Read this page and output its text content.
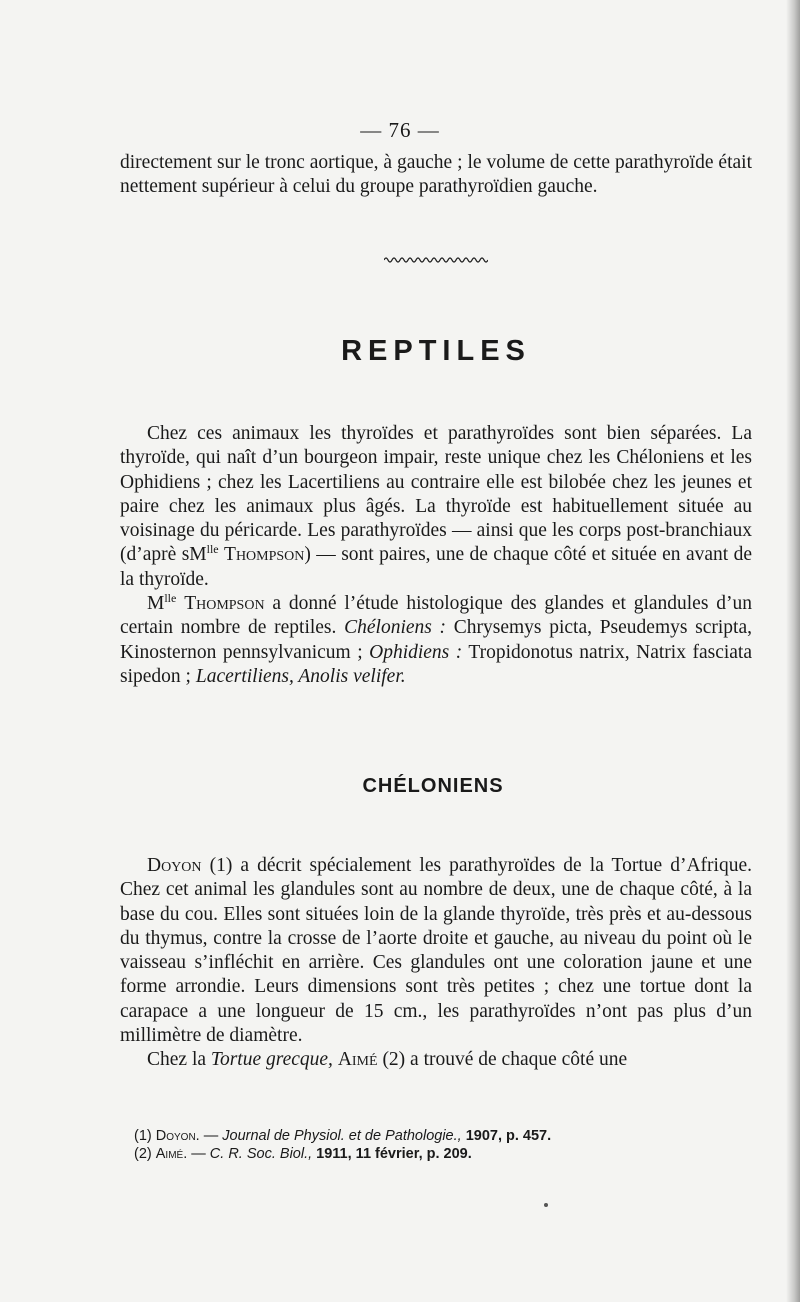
— 76 —

directement sur le tronc aortique, à gauche ; le volume de cette parathyroïde était nettement supérieur à celui du groupe parathyroïdien gauche.

REPTILES

Chez ces animaux les thyroïdes et parathyroïdes sont bien séparées. La thyroïde, qui naît d’un bourgeon impair, reste unique chez les Chéloniens et les Ophidiens ; chez les Lacertiliens au contraire elle est bilobée chez les jeunes et paire chez les animaux plus âgés. La thyroïde est habituellement située au voisinage du péricarde. Les parathyroïdes — ainsi que les corps post-branchiaux (d’aprè $sM^{lle}$ Thompson) — sont paires, une de chaque côté et située en avant de la thyroïde.

$M^{lle}$ Thompson a donné l’étude histologique des glandes et glandules d’un certain nombre de reptiles. Chéloniens : Chrysemys picta, Pseudemys scripta, Kinosternon pennsylvanicum ; Ophidiens : Tropidonotus natrix, Natrix fasciata sipedon ; Lacertiliens, Anolis velifer.

CHÉLONIENS

Doyon (1) a décrit spécialement les parathyroïdes de la Tortue d’Afrique. Chez cet animal les glandules sont au nombre de deux, une de chaque côté, à la base du cou. Elles sont situées loin de la glande thyroïde, très près et au-dessous du thymus, contre la crosse de l’aorte droite et gauche, au niveau du point où le vaisseau s’infléchit en arrière. Ces glandules ont une coloration jaune et une forme arrondie. Leurs dimensions sont très petites ; chez une tortue dont la carapace a une longueur de 15 cm., les parathyroïdes n’ont pas plus d’un millimètre de diamètre.

Chez la Tortue grecque, Aimé (2) a trouvé de chaque côté une

(1) Doyon. — Journal de Physiol. et de Pathologie., 1907, p. 457.
(2) Aimé. — C. R. Soc. Biol., 1911, 11 février, p. 209.
